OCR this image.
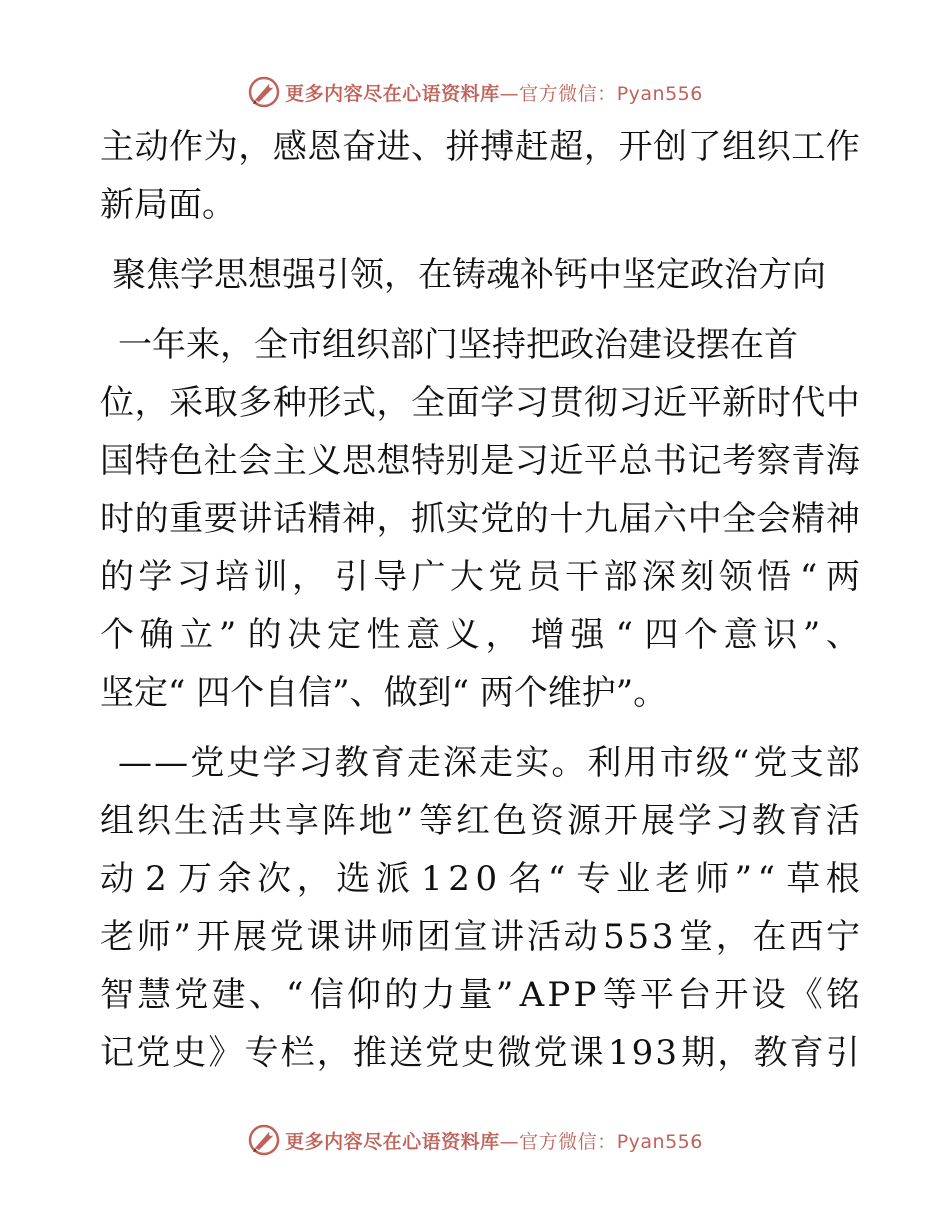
更多内容尽在心语资料库—官方微信：Pyan556
主 动 作 为 ， 感 恩 奋 进 、 拼 搏 赶 超 ， 开 创 了 组 织 工 作
新局面。
聚焦学思想强引领，在铸魂补钙中坚定政治方向
一年来，全市组织部门坚持把政治建设摆在首
位 ， 采 取 多 种 形 式 ， 全 面 学 习 贯 彻 习 近 平 新 时 代 中
国 特 色 社 会 主 义 思 想 特 别 是 习 近 平 总 书 记 考 察 青 海
时 的 重 要 讲 话 精 神 ， 抓 实 党 的 十 九 届 六 中 全 会 精 神
的 学 习 培 训 ， 引 导 广 大 党 员 干 部 深 刻 领 悟 “ 两
个 确 立 ” 的 决 定 性 意 义 ， 增 强 “ 四 个 意 识 ” 、
坚定“ 四个自信”、做到“ 两个维护”。
— — 党 史 学 习 教 育 走 深 走 实 。 利 用 市 级 “ 党 支 部
组 织 生 活 共 享 阵 地 ” 等 红 色 资 源 开 展 学 习 教 育 活
动 2 万 余 次 ， 选 派 1 2 0 名 “ 专 业 老 师 ” “ 草 根
老 师 ” 开 展 党 课 讲 师 团 宣 讲 活 动 5 5 3 堂 ， 在 西 宁
智 慧 党 建 、 “ 信 仰 的 力 量 ” A P P 等 平 台 开 设 《 铭
记 党 史 》 专 栏 ， 推 送 党 史 微 党 课 1 9 3 期 ， 教 育 引
更多内容尽在心语资料库—官方微信：Pyan556
